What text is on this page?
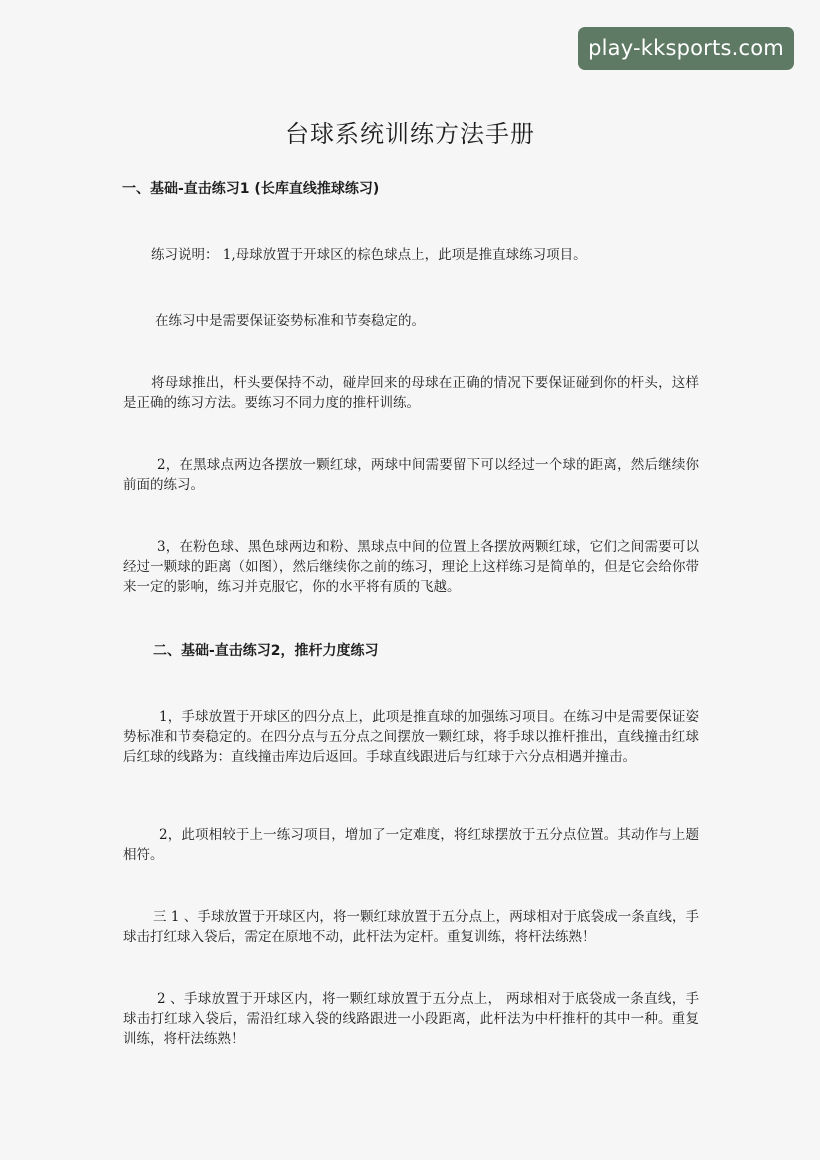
play-kksports.com
台球系统训练方法手册
一、基础-直击练习1 (长库直线推球练习)

练习说明： 1,母球放置于开球区的棕色球点上，此项是推直球练习项目。

在练习中是需要保证姿势标准和节奏稳定的。

将母球推出，杆头要保持不动，碰岸回来的母球在正确的情况下要保证碰到你的杆头，这样是正确的练习方法。要练习不同力度的推杆训练。

2，在黑球点两边各摆放一颗红球，两球中间需要留下可以经过一个球的距离，然后继续你前面的练习。

3，在粉色球、黑色球两边和粉、黑球点中间的位置上各摆放两颗红球，它们之间需要可以经过一颗球的距离（如图），然后继续你之前的练习，理论上这样练习是简单的，但是它会给你带来一定的影响，练习并克服它，你的水平将有质的飞越。

二、基础-直击练习2，推杆力度练习

1，手球放置于开球区的四分点上，此项是推直球的加强练习项目。在练习中是需要保证姿势标准和节奏稳定的。在四分点与五分点之间摆放一颗红球，将手球以推杆推出，直线撞击红球后红球的线路为：直线撞击库边后返回。手球直线跟进后与红球于六分点相遇并撞击。

2，此项相较于上一练习项目，增加了一定难度，将红球摆放于五分点位置。其动作与上题相符。

三 1 、手球放置于开球区内，将一颗红球放置于五分点上，两球相对于底袋成一条直线，手球击打红球入袋后，需定在原地不动，此杆法为定杆。重复训练，将杆法练熟！

2 、手球放置于开球区内，将一颗红球放置于五分点上， 两球相对于底袋成一条直线，手球击打红球入袋后，需沿红球入袋的线路跟进一小段距离，此杆法为中杆推杆的其中一种。重复训练，将杆法练熟！
